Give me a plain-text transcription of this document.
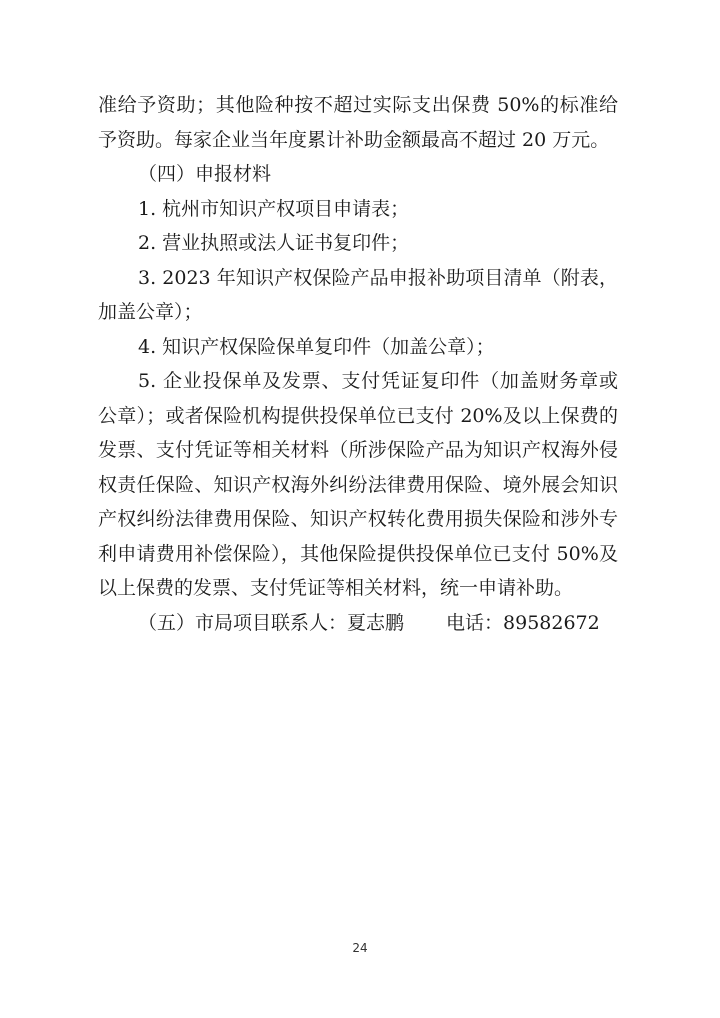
准给予资助；其他险种按不超过实际支出保费 50%的标准给予资助。每家企业当年度累计补助金额最高不超过 20 万元。

（四）申报材料

1. 杭州市知识产权项目申请表；

2. 营业执照或法人证书复印件；

3. 2023 年知识产权保险产品申报补助项目清单（附表，加盖公章）；

4. 知识产权保险保单复印件（加盖公章）；

5. 企业投保单及发票、支付凭证复印件（加盖财务章或公章）；或者保险机构提供投保单位已支付 20%及以上保费的发票、支付凭证等相关材料（所涉保险产品为知识产权海外侵权责任保险、知识产权海外纠纷法律费用保险、境外展会知识产权纠纷法律费用保险、知识产权转化费用损失保险和涉外专利申请费用补偿保险），其他保险提供投保单位已支付 50%及以上保费的发票、支付凭证等相关材料，统一申请补助。

（五）市局项目联系人：夏志鹏 电话： 89582672
24
